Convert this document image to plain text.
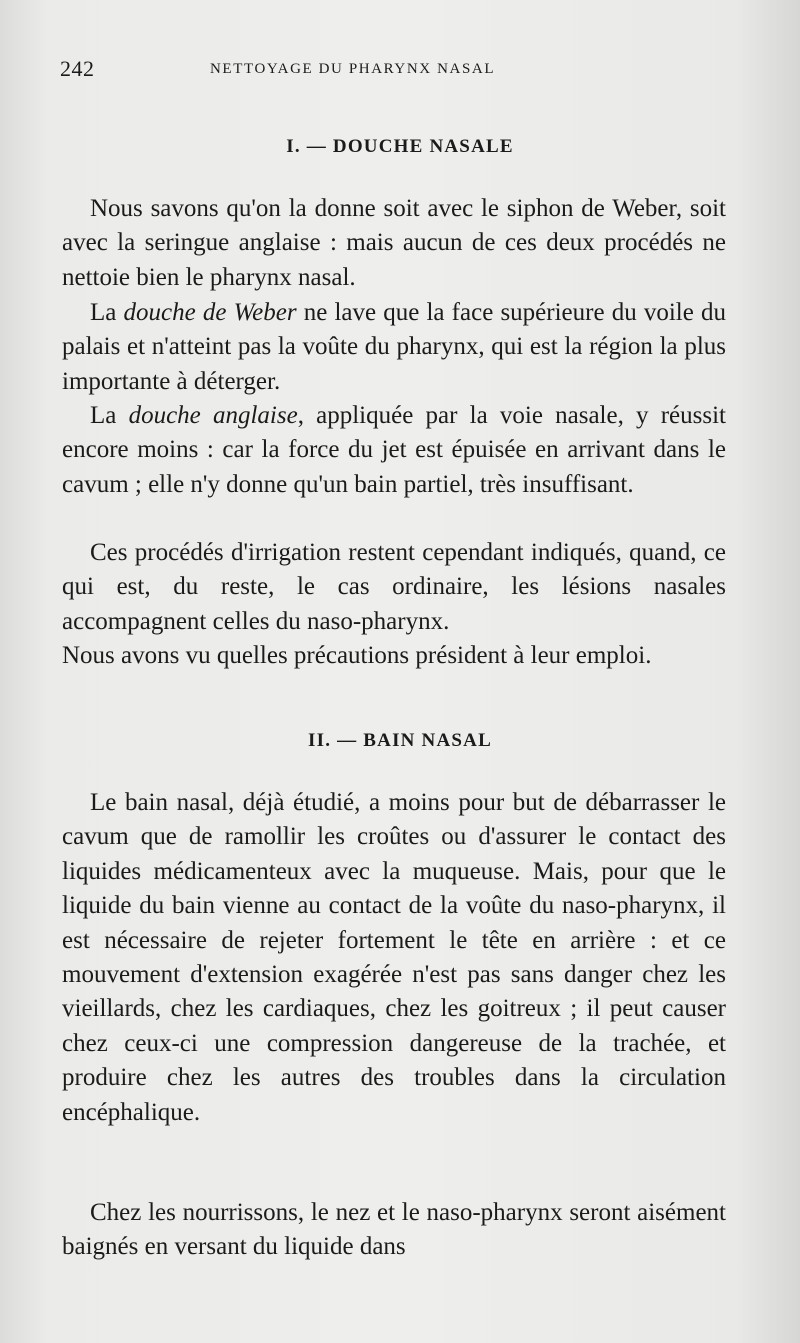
242	NETTOYAGE DU PHARYNX NASAL
I. — DOUCHE NASALE

Nous savons qu'on la donne soit avec le siphon de Weber, soit avec la seringue anglaise : mais aucun de ces deux procédés ne nettoie bien le pharynx nasal.

La douche de Weber ne lave que la face supérieure du voile du palais et n'atteint pas la voûte du pharynx, qui est la région la plus importante à déterger.

La douche anglaise, appliquée par la voie nasale, y réussit encore moins : car la force du jet est épuisée en arrivant dans le cavum ; elle n'y donne qu'un bain partiel, très insuffisant.

Ces procédés d'irrigation restent cependant indiqués, quand, ce qui est, du reste, le cas ordinaire, les lésions nasales accompagnent celles du naso-pharynx.

Nous avons vu quelles précautions président à leur emploi.

II. — BAIN NASAL

Le bain nasal, déjà étudié, a moins pour but de débarrasser le cavum que de ramollir les croûtes ou d'assurer le contact des liquides médicamenteux avec la muqueuse. Mais, pour que le liquide du bain vienne au contact de la voûte du naso-pharynx, il est nécessaire de rejeter fortement le tête en arrière : et ce mouvement d'extension exagérée n'est pas sans danger chez les vieillards, chez les cardiaques, chez les goitreux ; il peut causer chez ceux-ci une compression dangereuse de la trachée, et produire chez les autres des troubles dans la circulation encéphalique.

Chez les nourrissons, le nez et le naso-pharynx seront aisément baignés en versant du liquide dans
